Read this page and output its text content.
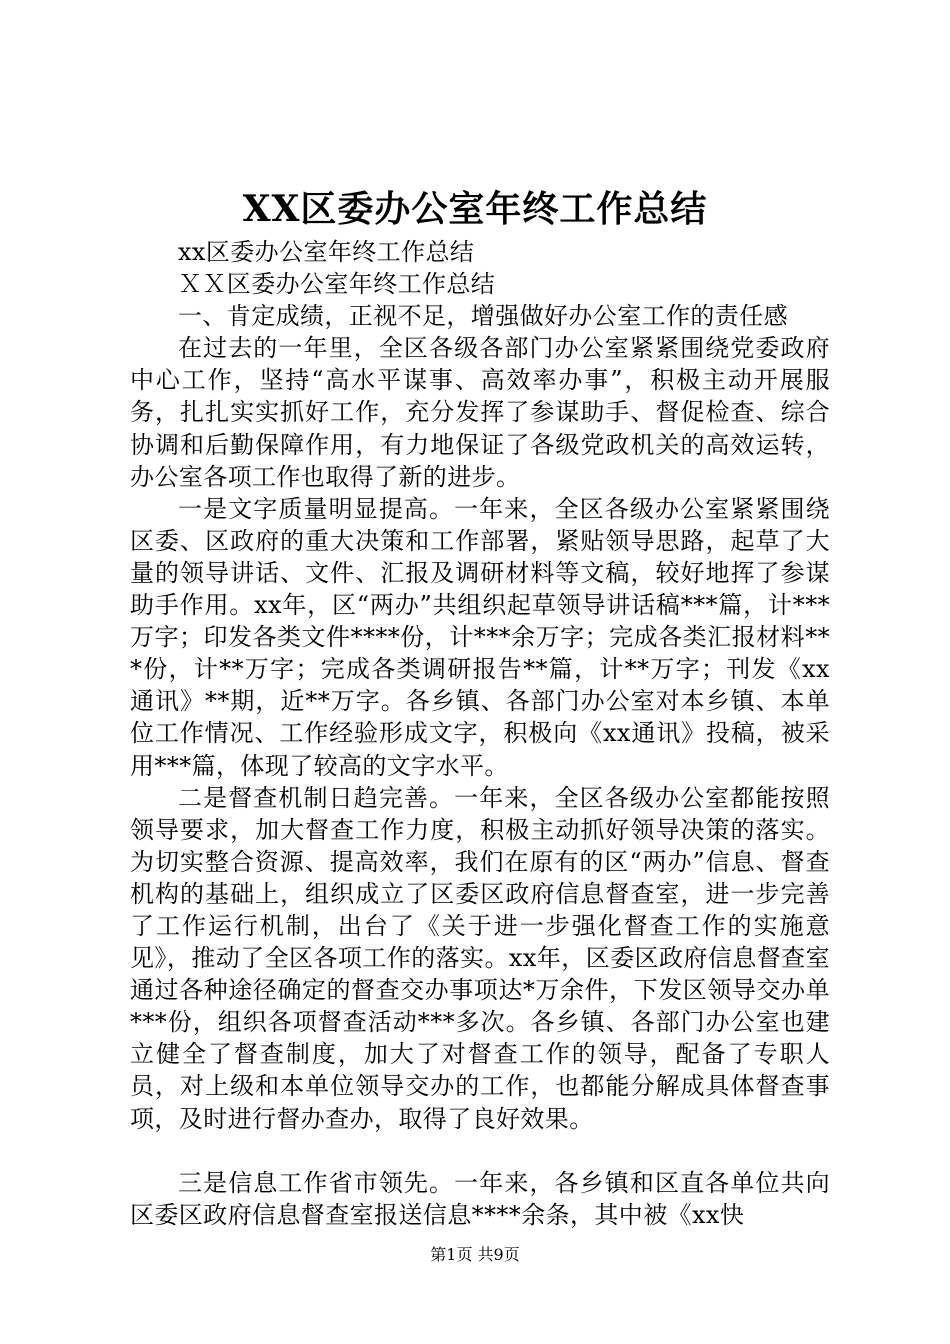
XX区委办公室年终工作总结

xx区委办公室年终工作总结

ＸＸ区委办公室年终工作总结

一、肯定成绩，正视不足，增强做好办公室工作的责任感

在过去的一年里，全区各级各部门办公室紧紧围绕党委政府中心工作，坚持“高水平谋事、高效率办事”，积极主动开展服务，扎扎实实抓好工作，充分发挥了参谋助手、督促检查、综合协调和后勤保障作用，有力地保证了各级党政机关的高效运转，办公室各项工作也取得了新的进步。

一是文字质量明显提高。一年来，全区各级办公室紧紧围绕区委、区政府的重大决策和工作部署，紧贴领导思路，起草了大量的领导讲话、文件、汇报及调研材料等文稿，较好地挥了参谋助手作用。xx年，区“两办”共组织起草领导讲话稿***篇，计***万字；印发各类文件****份，计***余万字；完成各类汇报材料***份，计**万字；完成各类调研报告**篇，计**万字；刊发《xx通讯》**期，近**万字。各乡镇、各部门办公室对本乡镇、本单位工作情况、工作经验形成文字，积极向《xx通讯》投稿，被采用***篇，体现了较高的文字水平。

二是督查机制日趋完善。一年来，全区各级办公室都能按照领导要求，加大督查工作力度，积极主动抓好领导决策的落实。为切实整合资源、提高效率，我们在原有的区“两办”信息、督查机构的基础上，组织成立了区委区政府信息督查室，进一步完善了工作运行机制，出台了《关于进一步强化督查工作的实施意见》，推动了全区各项工作的落实。xx年，区委区政府信息督查室通过各种途径确定的督查交办事项达*万余件，下发区领导交办单***份，组织各项督查活动***多次。各乡镇、各部门办公室也建立健全了督查制度，加大了对督查工作的领导，配备了专职人员，对上级和本单位领导交办的工作，也都能分解成具体督查事项，及时进行督办查办，取得了良好效果。

三是信息工作省市领先。一年来，各乡镇和区直各单位共向区委区政府信息督查室报送信息****余条，其中被《xx快

第1页 共9页
